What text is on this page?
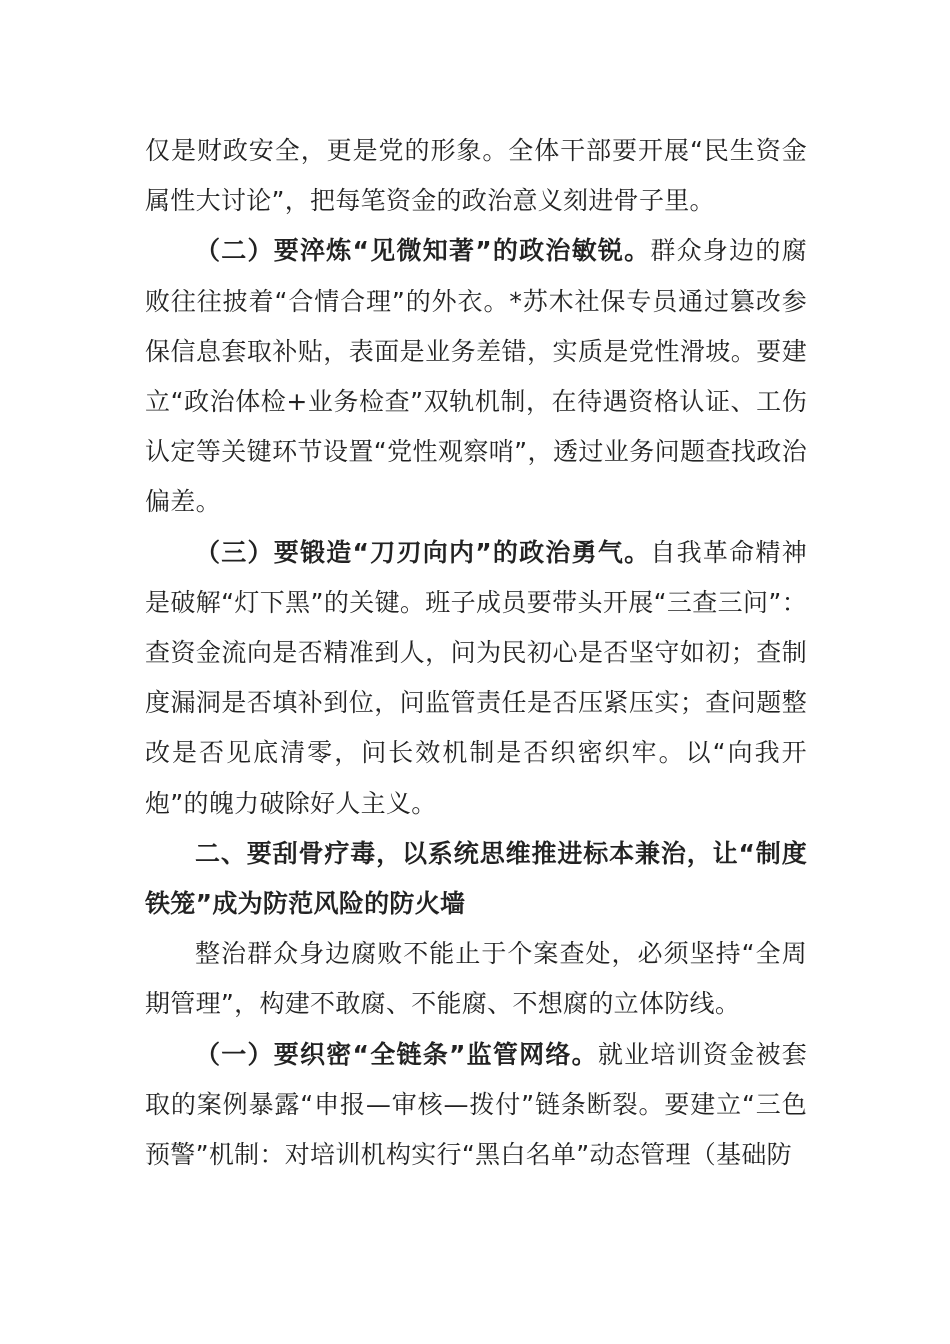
仅是财政安全，更是党的形象。全体干部要开展“民生资金属性大讨论”，把每笔资金的政治意义刻进骨子里。

（二）要淬炼“见微知著”的政治敏锐。群众身边的腐败往往披着“合情合理”的外衣。*苏木社保专员通过篡改参保信息套取补贴，表面是业务差错，实质是党性滑坡。要建立“政治体检+业务检查”双轨机制，在待遇资格认证、工伤认定等关键环节设置“党性观察哨”，透过业务问题查找政治偏差。

（三）要锻造“刀刃向内”的政治勇气。自我革命精神是破解“灯下黑”的关键。班子成员要带头开展“三查三问”：查资金流向是否精准到人，问为民初心是否坚守如初；查制度漏洞是否填补到位，问监管责任是否压紧压实；查问题整改是否见底清零，问长效机制是否织密织牢。以“向我开炮”的魄力破除好人主义。

二、要刮骨疗毒，以系统思维推进标本兼治，让“制度铁笼”成为防范风险的防火墙

整治群众身边腐败不能止于个案查处，必须坚持“全周期管理”，构建不敢腐、不能腐、不想腐的立体防线。

（一）要织密“全链条”监管网络。就业培训资金被套取的案例暴露“申报—审核—拨付”链条断裂。要建立“三色预警”机制：对培训机构实行“黑白名单”动态管理（基础防
